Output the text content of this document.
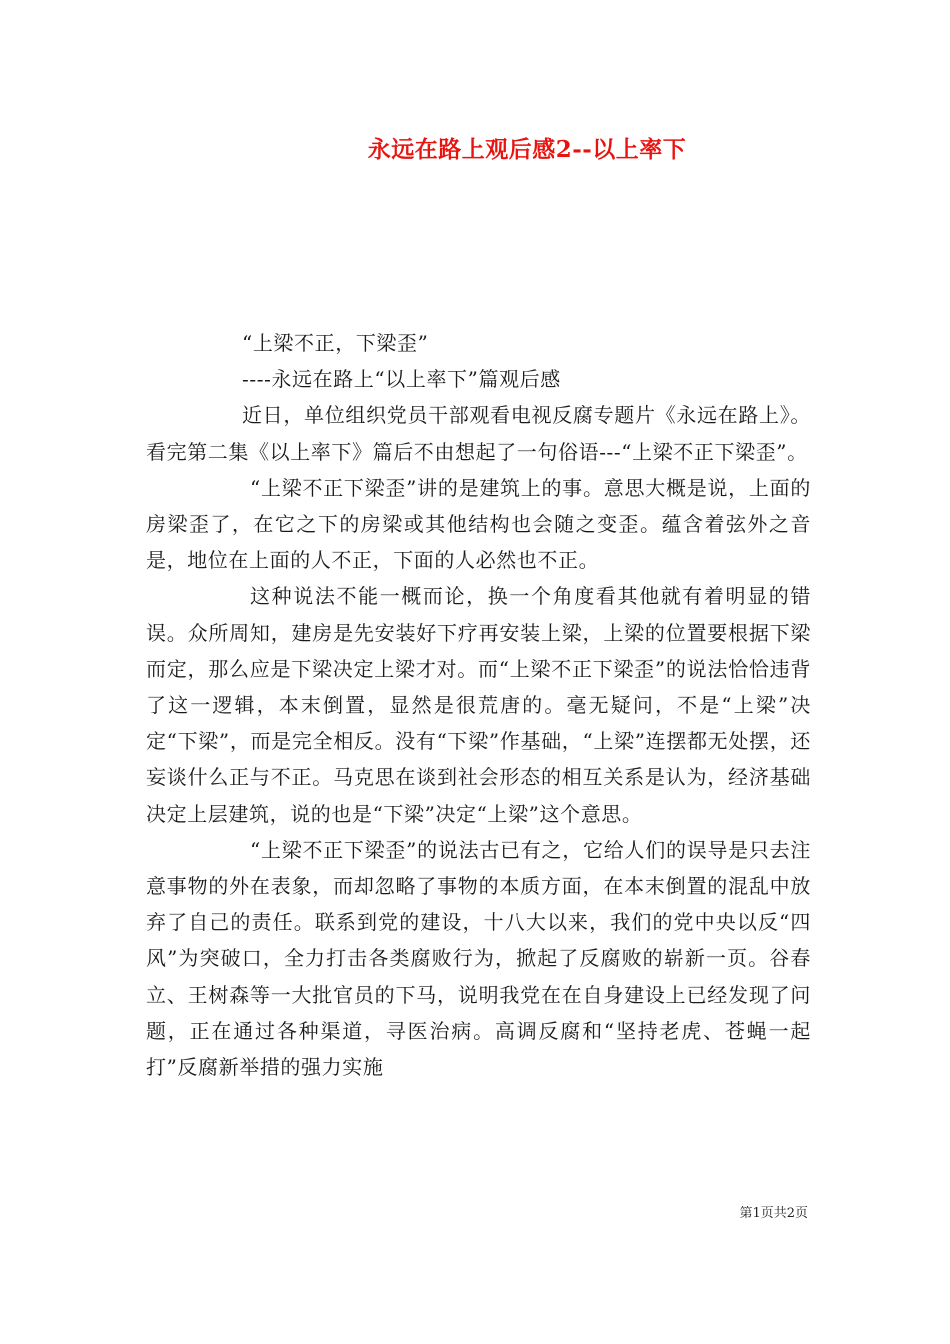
永远在路上观后感2--以上率下

“上梁不正，下梁歪”

----永远在路上“以上率下”篇观后感

近日，单位组织党员干部观看电视反腐专题片《永远在路上》。看完第二集《以上率下》篇后不由想起了一句俗语---“上梁不正下梁歪”。

“上梁不正下梁歪”讲的是建筑上的事。意思大概是说，上面的房梁歪了，在它之下的房梁或其他结构也会随之变歪。蕴含着弦外之音是，地位在上面的人不正，下面的人必然也不正。

这种说法不能一概而论，换一个角度看其他就有着明显的错误。众所周知，建房是先安装好下疗再安装上梁，上梁的位置要根据下梁而定，那么应是下梁决定上梁才对。而“上梁不正下梁歪”的说法恰恰违背了这一逻辑，本末倒置，显然是很荒唐的。毫无疑问，不是“上梁”决定“下梁”，而是完全相反。没有“下梁”作基础，“上梁”连摆都无处摆，还妄谈什么正与不正。马克思在谈到社会形态的相互关系是认为，经济基础决定上层建筑，说的也是“下梁”决定“上梁”这个意思。

“上梁不正下梁歪”的说法古已有之，它给人们的误导是只去注意事物的外在表象，而却忽略了事物的本质方面，在本末倒置的混乱中放弃了自己的责任。联系到党的建设，十八大以来，我们的党中央以反“四风”为突破口，全力打击各类腐败行为，掀起了反腐败的崭新一页。谷春立、王树森等一大批官员的下马，说明我党在在自身建设上已经发现了问题，正在通过各种渠道，寻医治病。高调反腐和“坚持老虎、苍蝇一起打”反腐新举措的强力实施

第1页共2页
